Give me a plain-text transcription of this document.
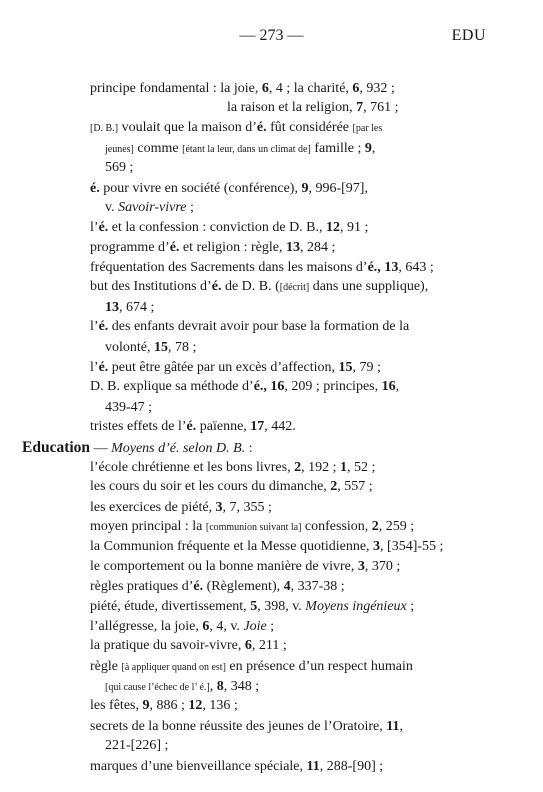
— 273 —	EDU
principe fondamental : la joie, 6, 4 ; la charité, 6, 932 ;
la raison et la religion, 7, 761 ;
[D. B.] voulait que la maison d’é. fût considérée [par les
jeunes] comme [étant la leur, dans un climat de] famille ; 9,
569 ;
é. pour vivre en société (conférence), 9, 996-[97],
v. Savoir-vivre ;
l’é. et la confession : conviction de D. B., 12, 91 ;
programme d’é. et religion : règle, 13, 284 ;
fréquentation des Sacrements dans les maisons d’é., 13, 643 ;
but des Institutions d’é. de D. B. ([décrit] dans une supplique),
13, 674 ;
l’é. des enfants devrait avoir pour base la formation de la
volonté, 15, 78 ;
l’é. peut être gâtée par un excès d’affection, 15, 79 ;
D. B. explique sa méthode d’é., 16, 209 ; principes, 16,
439-47 ;
tristes effets de l’é. païenne, 17, 442.
Education — Moyens d’é. selon D. B. :
l’école chrétienne et les bons livres, 2, 192 ; 1, 52 ;
les cours du soir et les cours du dimanche, 2, 557 ;
les exercices de piété, 3, 7, 355 ;
moyen principal : la [communion suivant la] confession, 2, 259 ;
la Communion fréquente et la Messe quotidienne, 3, [354]-55 ;
le comportement ou la bonne manière de vivre, 3, 370 ;
règles pratiques d’é. (Règlement), 4, 337-38 ;
piété, étude, divertissement, 5, 398, v. Moyens ingénieux ;
l’allégresse, la joie, 6, 4, v. Joie ;
la pratique du savoir-vivre, 6, 211 ;
règle [à appliquer quand on est] en présence d’un respect humain
[qui cause l’échec de l’ é.], 8, 348 ;
les fêtes, 9, 886 ; 12, 136 ;
secrets de la bonne réussite des jeunes de l’Oratoire, 11,
221-[226] ;
marques d’une bienveillance spéciale, 11, 288-[90] ;
